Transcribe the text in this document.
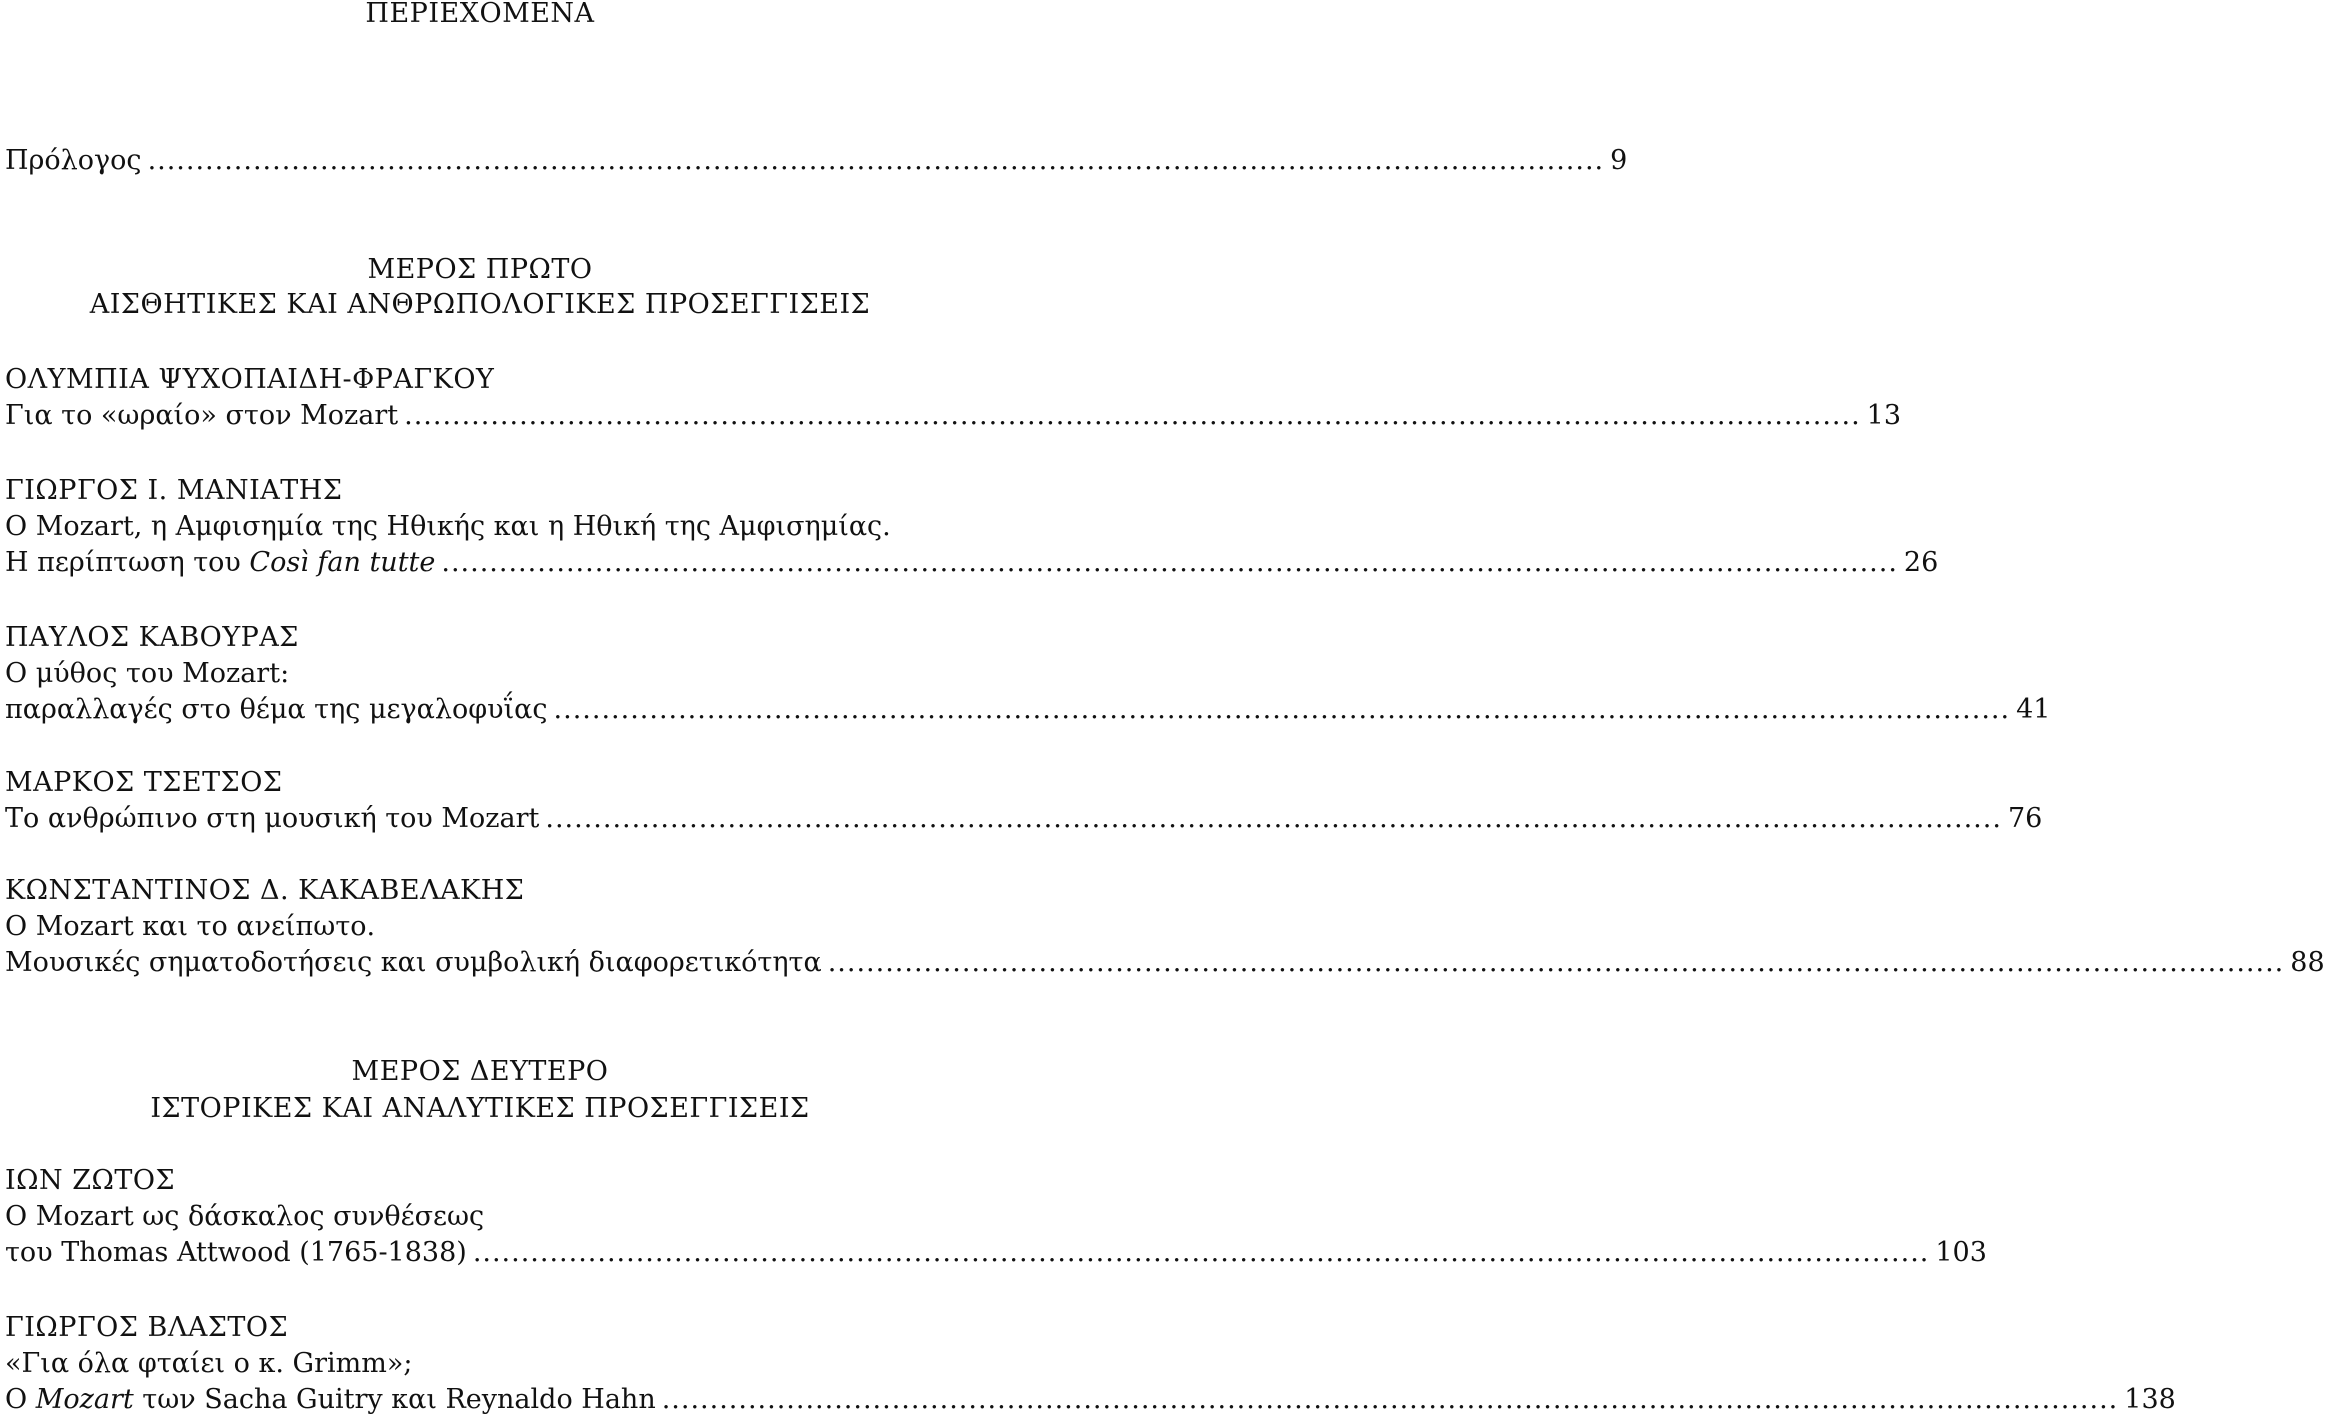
ΠΕΡΙΕΧΟΜΕΝΑ
Πρόλογος ........................................................................................................................................................ 9
ΜΕΡΟΣ ΠΡΩΤΟ
ΑΙΣΘΗΤΙΚΕΣ ΚΑΙ ΑΝΘΡΩΠΟΛΟΓΙΚΕΣ ΠΡΟΣΕΓΓΙΣΕΙΣ
ΟΛΥΜΠΙΑ ΨΥΧΟΠΑΙΔΗ-ΦΡΑΓΚΟΥ
Για το «ωραίο» στον Mozart ........................................................................................................................................................ 13
ΓΙΩΡΓΟΣ Ι. ΜΑΝΙΑΤΗΣ
Ο Mozart, η Αμφισημία της Ηθικής και η Ηθική της Αμφισημίας.
Η περίπτωση του Così fan tutte ........................................................................................................................................................ 26
ΠΑΥΛΟΣ ΚΑΒΟΥΡΑΣ
Ο μύθος του Mozart:
παραλλαγές στο θέμα της μεγαλοφυΐας ........................................................................................................................................................ 41
ΜΑΡΚΟΣ ΤΣΕΤΣΟΣ
Το ανθρώπινο στη μουσική του Mozart ........................................................................................................................................................ 76
ΚΩΝΣΤΑΝΤΙΝΟΣ Δ. ΚΑΚΑΒΕΛΑΚΗΣ
Ο Mozart και το ανείπωτο.
Μουσικές σηματοδοτήσεις και συμβολική διαφορετικότητα ........................................................................................................................................................ 88
ΜΕΡΟΣ ΔΕΥΤΕΡΟ
ΙΣΤΟΡΙΚΕΣ ΚΑΙ ΑΝΑΛΥΤΙΚΕΣ ΠΡΟΣΕΓΓΙΣΕΙΣ
ΙΩΝ ΖΩΤΟΣ
Ο Mozart ως δάσκαλος συνθέσεως
του Thomas Attwood (1765-1838) ........................................................................................................................................................ 103
ΓΙΩΡΓΟΣ ΒΛΑΣΤΟΣ
«Για όλα φταίει ο κ. Grimm»;
Ο Mozart των Sacha Guitry και Reynaldo Hahn ........................................................................................................................................................ 138
